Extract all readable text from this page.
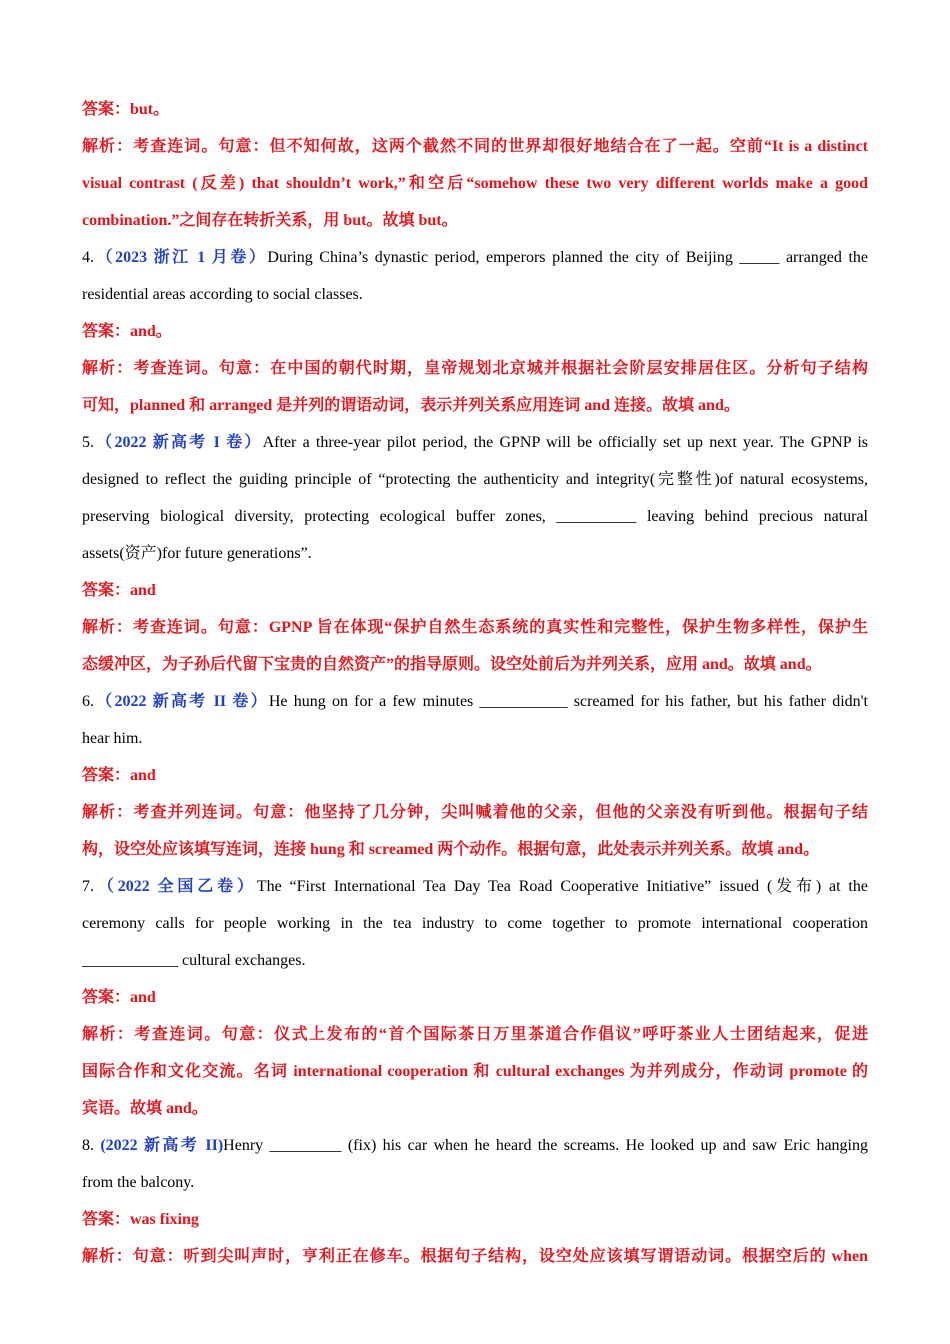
答案：but。
解析：考查连词。句意：但不知何故，这两个截然不同的世界却很好地结合在了一起。空前“It is a distinct
visual contrast (反差) that shouldn’t work,”和空后“somehow these two very different worlds make a good
combination.”之间存在转折关系，用 but。故填 but。
4.（2023 浙江 1 月卷）During China’s dynastic period, emperors planned the city of Beijing _____ arranged the
residential areas according to social classes.
答案：and。
解析：考查连词。句意：在中国的朝代时期，皇帝规划北京城并根据社会阶层安排居住区。分析句子结构
可知，planned 和 arranged 是并列的谓语动词，表示并列关系应用连词 and 连接。故填 and。
5.（2022 新高考 I 卷）After a three-year pilot period, the GPNP will be officially set up next year. The GPNP is
designed to reflect the guiding principle of “protecting the authenticity and integrity(完整性)of natural ecosystems,
preserving biological diversity, protecting ecological buffer zones, __________ leaving behind precious natural
assets(资产)for future generations”.
答案：and
解析：考查连词。句意：GPNP 旨在体现“保护自然生态系统的真实性和完整性，保护生物多样性，保护生
态缓冲区，为子孙后代留下宝贵的自然资产”的指导原则。设空处前后为并列关系，应用 and。故填 and。
6.（2022 新高考 II 卷）He hung on for a few minutes ___________ screamed for his father, but his father didn't
hear him.
答案：and
解析：考查并列连词。句意：他坚持了几分钟，尖叫喊着他的父亲，但他的父亲没有听到他。根据句子结
构，设空处应该填写连词，连接 hung 和 screamed 两个动作。根据句意，此处表示并列关系。故填 and。
7.（2022 全国乙卷）The “First International Tea Day Tea Road Cooperative Initiative” issued (发布) at the
ceremony calls for people working in the tea industry to come together to promote international cooperation
____________ cultural exchanges.
答案：and
解析：考查连词。句意：仪式上发布的“首个国际茶日万里茶道合作倡议”呼吁茶业人士团结起来，促进
国际合作和文化交流。名词 international cooperation 和 cultural exchanges 为并列成分，作动词 promote 的
宾语。故填 and。
8. (2022 新高考 II)Henry _________ (fix) his car when he heard the screams. He looked up and saw Eric hanging
from the balcony.
答案：was fixing
解析：句意：听到尖叫声时，亨利正在修车。根据句子结构，设空处应该填写谓语动词。根据空后的 when
